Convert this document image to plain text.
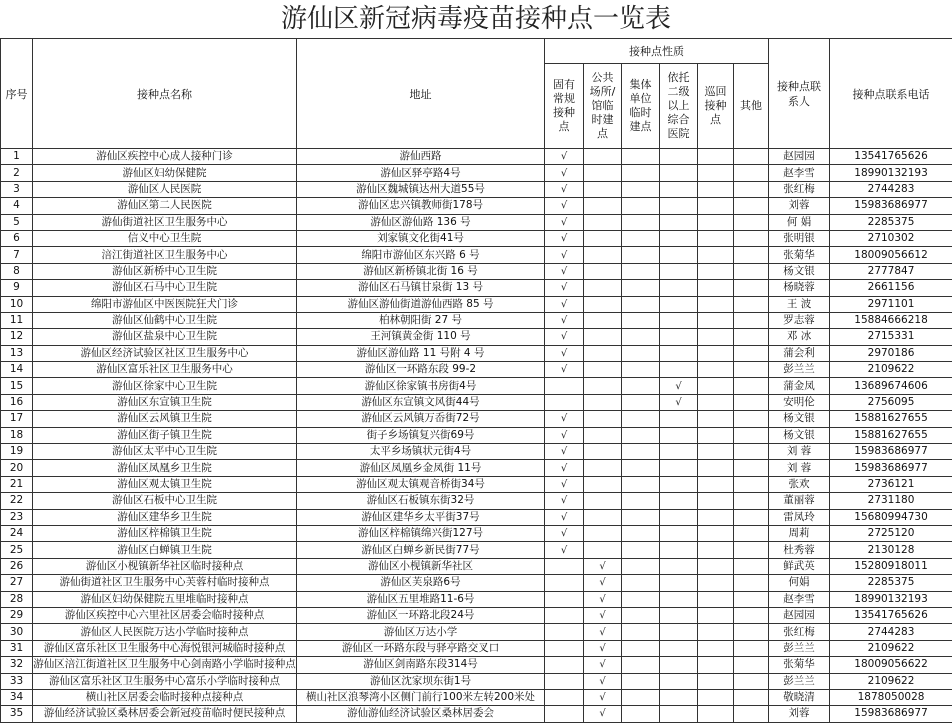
游仙区新冠病毒疫苗接种点一览表
序号	接种点名称	地址	接种点性质						接种点联系人	接种点联系电话
			固有常规接种点	公共场所/馆临时建点	集体单位临时建点	依托二级以上综合医院	巡回接种点	其他		
1	游仙区疾控中心成人接种门诊	游仙西路	√						赵园园	13541765626
2	游仙区妇幼保健院	游仙区驿亭路4号	√						赵李雪	18990132193
3	游仙区人民医院	游仙区魏城镇达州大道55号	√						张红梅	2744283
4	游仙区第二人民医院	游仙区忠兴镇教师街178号	√						刘蓉	15983686977
5	游仙街道社区卫生服务中心	游仙区游仙路 136 号	√						何 娟	2285375
6	信义中心卫生院	刘家镇文化街41号	√						张明银	2710302
7	涪江街道社区卫生服务中心	绵阳市游仙区东兴路 6 号	√						张菊华	18009056612
8	游仙区新桥中心卫生院	游仙区新桥镇北街 16 号	√						杨文银	2777847
9	游仙区石马中心卫生院	游仙区石马镇甘泉街 13 号	√						杨晓蓉	2661156
10	绵阳市游仙区中医医院狂犬门诊	游仙区游仙街道游仙西路 85 号	√						王 波	2971101
11	游仙区仙鹤中心卫生院	柏林朝阳街 27 号	√						罗志蓉	15884666218
12	游仙区盐泉中心卫生院	王河镇黄金街 110 号	√						邓 冰	2715331
13	游仙区经济试验区社区卫生服务中心	游仙区游仙路 11 号附 4 号	√						蒲会利	2970186
14	游仙区富乐社区卫生服务中心	游仙区一环路东段 99-2	√						彭兰兰	2109622
15	游仙区徐家中心卫生院	游仙区徐家镇书房街4号				√			蒲金凤	13689674606
16	游仙区东宣镇卫生院	游仙区东宣镇文风街44号				√			安明伦	2756095
17	游仙区云风镇卫生院	游仙区云风镇万岙街72号	√						杨文银	15881627655
18	游仙区街子镇卫生院	街子乡场镇复兴街69号	√						杨文银	15881627655
19	游仙区太平中心卫生院	太平乡场镇状元街4号	√						刘 蓉	15983686977
20	游仙区凤凰乡卫生院	游仙区凤凰乡金凤街 11号	√						刘 蓉	15983686977
21	游仙区观太镇卫生院	游仙区观太镇观音桥街34号	√						张欢	2736121
22	游仙区石板中心卫生院	游仙区石板镇东街32号	√						董丽蓉	2731180
23	游仙区建华乡卫生院	游仙区建华乡太平街37号	√						雷凤玲	15680994730
24	游仙区梓棉镇卫生院	游仙区梓棉镇绵兴街127号	√						周莉	2725120
25	游仙区白蝉镇卫生院	游仙区白蝉乡新民街77号	√						杜秀蓉	2130128
26	游仙区小枧镇新华社区临时接种点	游仙区小枧镇新华社区		√					鲜武英	15280918011
27	游仙街道社区卫生服务中心芙蓉村临时接种点	游仙区芙泉路6号		√					何娟	2285375
28	游仙区妇幼保健院五里堆临时接种点	游仙区五里堆路11-6号		√					赵李雪	18990132193
29	游仙区疾控中心六里社区居委会临时接种点	游仙区一环路北段24号		√					赵园园	13541765626
30	游仙区人民医院万达小学临时接种点	游仙区万达小学		√					张红梅	2744283
31	游仙区富乐社区卫生服务中心海悦银河城临时接种点	游仙区一环路东段与驿亭路交叉口		√					彭兰兰	2109622
32	游仙区涪江街道社区卫生服务中心剑南路小学临时接种点	游仙区剑南路东段314号		√					张菊华	18009056622
33	游仙区富乐社区卫生服务中心富乐小学临时接种点	游仙区沈家坝东街1号		√					彭兰兰	2109622
34	横山社区居委会临时接种点接种点	横山社区浪琴湾小区侧门前行100米左转200米处		√					敬晓清	1878050028
35	游仙经济试验区桑林居委会新冠疫苗临时便民接种点	游仙游仙经济试验区桑林居委会		√					刘蓉	15983686977
